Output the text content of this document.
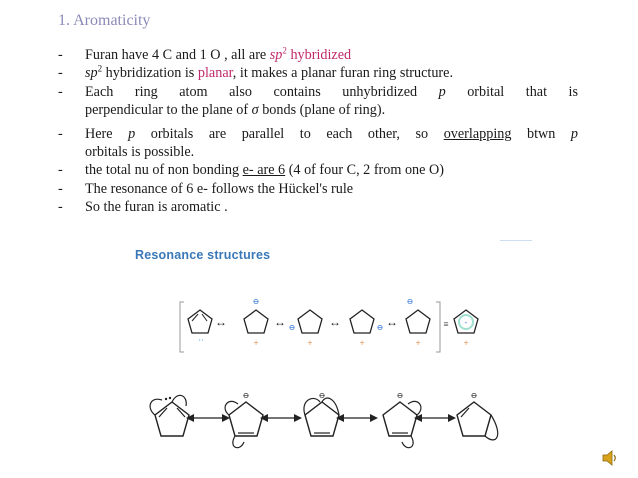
1. Aromaticity
- Furan have 4 C and 1 O , all are $sp^2$ hybridized
- $sp^2$ hybridization is planar, it makes a planar furan ring structure.
- Each ring atom also contains unhybridized p orbital that is
perpendicular to the plane of σ bonds (plane of ring).
- Here p orbitals are parallel to each other, so overlapping btwn p
orbitals is possible.
- the total nu of non bonding e- are 6 (4 of four C, 2 from one O)
- The resonance of 6 e- follows the Hückel's rule
- So the furan is aromatic .
Resonance structures
··
↔
⊖
+
↔ ⊖
+
↔	⊖
+
↔
⊖
+
≡ -
+
⊖	⊖	⊖	⊖
